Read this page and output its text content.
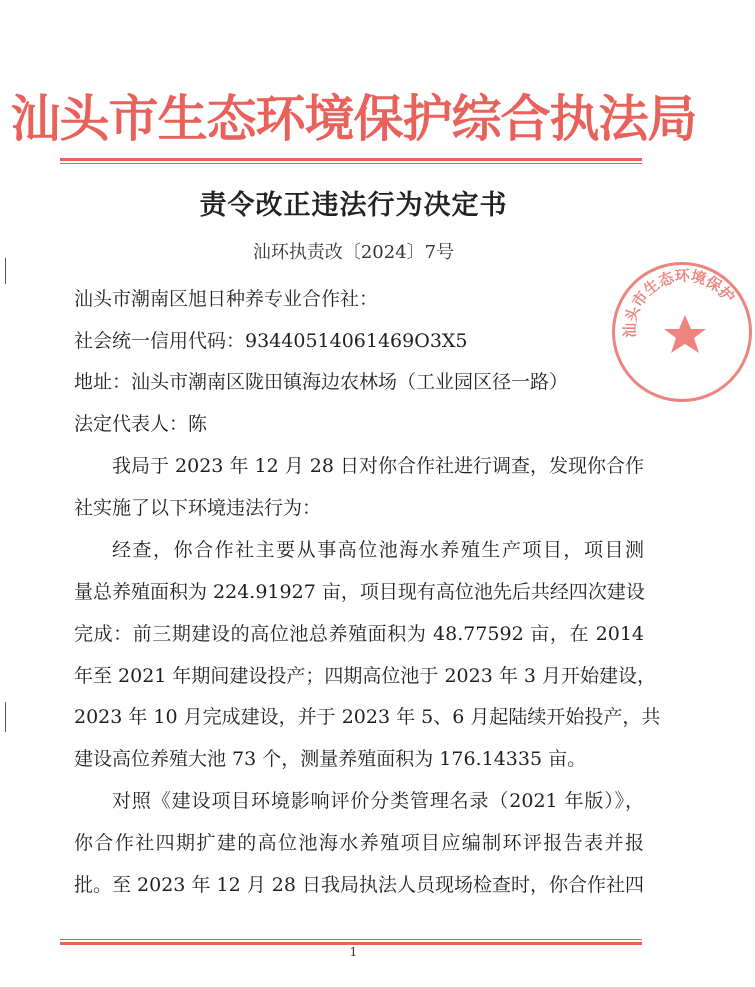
汕头市生态环境保护综合执法局
责令改正违法行为决定书
汕环执责改〔2024〕7号
汕头市生态环境保护
汕头市潮南区旭日种养专业合作社：
社会统一信用代码：93440514061469O3X5
地址：汕头市潮南区陇田镇海边农林场（工业园区径一路）
法定代表人：陈
我局于 2023 年 12 月 28 日对你合作社进行调查，发现你合作
社实施了以下环境违法行为：
经查，你合作社主要从事高位池海水养殖生产项目，项目测
量总养殖面积为 224.91927 亩，项目现有高位池先后共经四次建设
完成：前三期建设的高位池总养殖面积为 48.77592 亩，在 2014
年至 2021 年期间建设投产；四期高位池于 2023 年 3 月开始建设，
2023 年 10 月完成建设，并于 2023 年 5、6 月起陆续开始投产，共
建设高位养殖大池 73 个，测量养殖面积为 176.14335 亩。
对照《建设项目环境影响评价分类管理名录（2021 年版）》，
你合作社四期扩建的高位池海水养殖项目应编制环评报告表并报
批。至 2023 年 12 月 28 日我局执法人员现场检查时，你合作社四
1
